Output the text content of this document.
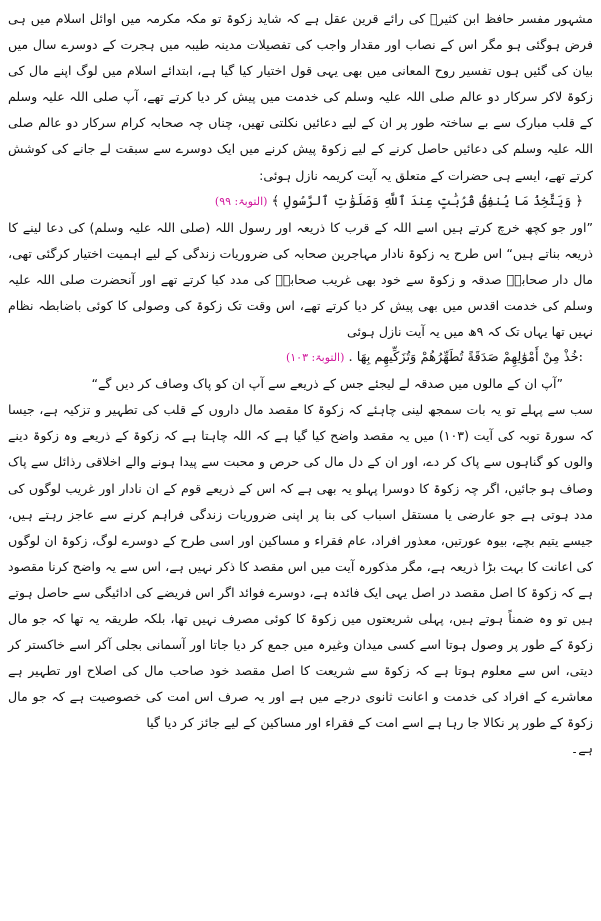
مشہور مفسر حافظ ابن کثیرؒ کی رائے قرین عقل ہے کہ شاید زکوۃ تو مکہ مکرمہ میں اوائل اسلام میں ہی فرض ہوگئی ہو مگر اس کے نصاب اور مقدار واجب کی تفصیلات مدینہ طیبہ میں ہجرت کے دوسرے سال میں بیان کی گئیں ہوں تفسیر روح المعانی میں بھی یہی قول اختیار کیا گیا ہے، ابتدائے اسلام میں لوگ اپنے مال کی زکوۃ لاکر سرکار دو عالم صلی اللہ علیہ وسلم کی خدمت میں پیش کر دیا کرتے تھے، آپ صلی اللہ علیہ وسلم کے قلب مبارک سے بے ساختہ طور پر ان کے لیے دعائیں نکلتی تھیں، چناں چہ صحابہ کرام سرکار دو عالم صلی اللہ علیہ وسلم کی دعائیں حاصل کرنے کے لیے زکوۃ پیش کرنے میں ایک دوسرے سے سبقت لے جانے کی کوشش کرتے تھے، ایسے ہی حضرات کے متعلق یہ آیت کریمہ نازل ہوئی:

﴿ وَيَتَّخِذُ مَا يُنفِقُ قُرُبَٰتٍ عِندَ ٱللَّهِ وَصَلَوَٰتِ ٱلرَّسُولِ ﴾ (التوبۃ: ۹۹)

”اور جو کچھ خرچ کرتے ہیں اسے اللہ کے قرب کا ذریعہ اور رسول اللہ (صلی اللہ علیہ وسلم) کی دعا لینے کا ذریعہ بناتے ہیں“ اس طرح یہ زکوۃ نادار مہاجرین صحابہ کی ضروریات زندگی کے لیے اہمیت اختیار کرگئی تھی، مال دار صحابہؓ صدقہ و زکوۃ سے خود بھی غریب صحابہؓ کی مدد کیا کرتے تھے اور آنحضرت صلی اللہ علیہ وسلم کی خدمت اقدس میں بھی پیش کر دیا کرتے تھے، اس وقت تک زکوۃ کی وصولی کا کوئی باضابطہ نظام نہیں تھا یہاں تک کہ ۹ھ میں یہ آیت نازل ہوئی

:خُذْ مِنْ أَمْوَٰلِهِمْ صَدَقَةً تُطَهِّرُهُمْ وَتُزَكِّيهِم بِهَا . (التوبۃ: ۱۰۳)

”آپ ان کے مالوں میں صدقہ لے لیجئے جس کے ذریعے سے آپ ان کو پاک وصاف کر دیں گے“

سب سے پہلے تو یہ بات سمجھ لینی چاہئے کہ زکوۃ کا مقصد مال داروں کے قلب کی تطہیر و تزکیہ ہے، جیسا کہ سورۃ توبہ کی آیت (۱۰۳) میں یہ مقصد واضح کیا گیا ہے کہ اللہ چاہتا ہے کہ زکوۃ کے ذریعے وہ زکوۃ دینے والوں کو گناہوں سے پاک کر دے، اور ان کے دل مال کی حرص و محبت سے پیدا ہونے والے اخلاقی رذائل سے پاک وصاف ہو جائیں، اگر چہ زکوۃ کا دوسرا پہلو یہ بھی ہے کہ اس کے ذریعے قوم کے ان نادار اور غریب لوگوں کی مدد ہوتی ہے جو عارضی یا مستقل اسباب کی بنا پر اپنی ضروریات زندگی فراہم کرنے سے عاجز رہتے ہیں، جیسے یتیم بچے، بیوہ عورتیں، معذور افراد، عام فقراء و مساکین اور اسی طرح کے دوسرے لوگ، زکوۃ ان لوگوں کی اعانت کا بہت بڑا ذریعہ ہے، مگر مذکورہ آیت میں اس مقصد کا ذکر نہیں ہے، اس سے یہ واضح کرنا مقصود ہے کہ زکوۃ کا اصل مقصد در اصل یہی ایک فائدہ ہے، دوسرے فوائد اگر اس فریضے کی ادائیگی سے حاصل ہوتے ہیں تو وہ ضمناً ہوتے ہیں، پہلی شریعتوں میں زکوۃ کا کوئی مصرف نہیں تھا، بلکہ طریقہ یہ تھا کہ جو مال زکوۃ کے طور پر وصول ہوتا اسے کسی میدان وغیرہ میں جمع کر دیا جاتا اور آسمانی بجلی آکر اسے خاکستر کر دیتی، اس سے معلوم ہوتا ہے کہ زکوۃ سے شریعت کا اصل مقصد خود صاحب مال کی اصلاح اور تطہیر ہے معاشرے کے افراد کی خدمت و اعانت ثانوی درجے میں ہے اور یہ صرف اس امت کی خصوصیت ہے کہ جو مال زکوۃ کے طور پر نکالا جا رہا ہے اسے امت کے فقراء اور مساکین کے لیے جائز کر دیا گیا

ہے۔
